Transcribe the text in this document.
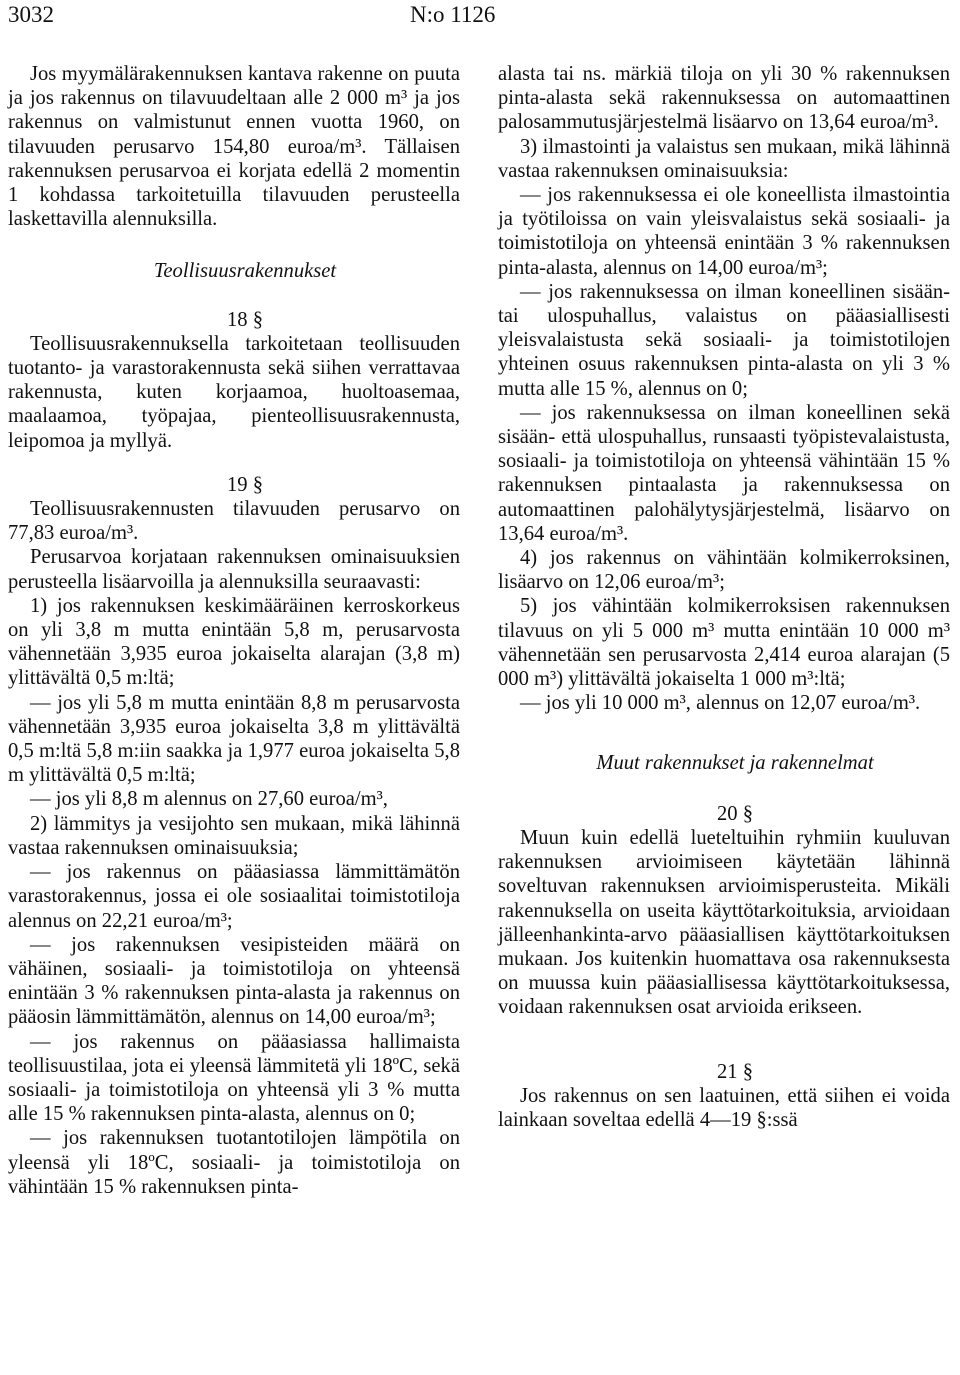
3032	N:o 1126

Jos myymälärakennuksen kantava rakenne on puuta ja jos rakennus on tilavuudeltaan alle 2 000 m³ ja jos rakennus on valmistunut ennen vuotta 1960, on tilavuuden perusarvo 154,80 euroa/m³. Tällaisen rakennuksen perusarvoa ei korjata edellä 2 momentin 1 kohdassa tarkoitetuilla tilavuuden perusteella laskettavilla alennuksilla.

Teollisuusrakennukset

18 §

Teollisuusrakennuksella tarkoitetaan teollisuuden tuotanto- ja varastorakennusta sekä siihen verrattavaa rakennusta, kuten korjaamoa, huoltoasemaa, maalaamoa, työpajaa, pienteollisuusrakennusta, leipomoa ja myllyä.

19 §

Teollisuusrakennusten tilavuuden perusarvo on 77,83 euroa/m³.

Perusarvoa korjataan rakennuksen ominaisuuksien perusteella lisäarvoilla ja alennuksilla seuraavasti:

1) jos rakennuksen keskimääräinen kerroskorkeus on yli 3,8 m mutta enintään 5,8 m, perusarvosta vähennetään 3,935 euroa jokaiselta alarajan (3,8 m) ylittävältä 0,5 m:ltä;

— jos yli 5,8 m mutta enintään 8,8 m perusarvosta vähennetään 3,935 euroa jokaiselta 3,8 m ylittävältä 0,5 m:ltä 5,8 m:iin saakka ja 1,977 euroa jokaiselta 5,8 m ylittävältä 0,5 m:ltä;

— jos yli 8,8 m alennus on 27,60 euroa/m³,

2) lämmitys ja vesijohto sen mukaan, mikä lähinnä vastaa rakennuksen ominaisuuksia;

— jos rakennus on pääasiassa lämmittämätön varastorakennus, jossa ei ole sosiaalitai toimistotiloja alennus on 22,21 euroa/m³;

— jos rakennuksen vesipisteiden määrä on vähäinen, sosiaali- ja toimistotiloja on yhteensä enintään 3 % rakennuksen pinta-alasta ja rakennus on pääosin lämmittämätön, alennus on 14,00 euroa/m³;

— jos rakennus on pääasiassa hallimaista teollisuustilaa, jota ei yleensä lämmitetä yli 18ºC, sekä sosiaali- ja toimistotiloja on yhteensä yli 3 % mutta alle 15 % rakennuksen pinta-alasta, alennus on 0;

— jos rakennuksen tuotantotilojen lämpötila on yleensä yli 18ºC, sosiaali- ja toimistotiloja on vähintään 15 % rakennuksen pinta-

alasta tai ns. märkiä tiloja on yli 30 % rakennuksen pinta-alasta sekä rakennuksessa on automaattinen palosammutusjärjestelmä lisäarvo on 13,64 euroa/m³.

3) ilmastointi ja valaistus sen mukaan, mikä lähinnä vastaa rakennuksen ominaisuuksia:

— jos rakennuksessa ei ole koneellista ilmastointia ja työtiloissa on vain yleisvalaistus sekä sosiaali- ja toimistotiloja on yhteensä enintään 3 % rakennuksen pinta-alasta, alennus on 14,00 euroa/m³;

— jos rakennuksessa on ilman koneellinen sisään- tai ulospuhallus, valaistus on pääasiallisesti yleisvalaistusta sekä sosiaali- ja toimistotilojen yhteinen osuus rakennuksen pinta-alasta on yli 3 % mutta alle 15 %, alennus on 0;

— jos rakennuksessa on ilman koneellinen sekä sisään- että ulospuhallus, runsaasti työpistevalaistusta, sosiaali- ja toimistotiloja on yhteensä vähintään 15 % rakennuksen pintaalasta ja rakennuksessa on automaattinen palohälytysjärjestelmä, lisäarvo on 13,64 euroa/m³.

4) jos rakennus on vähintään kolmikerroksinen, lisäarvo on 12,06 euroa/m³;

5) jos vähintään kolmikerroksisen rakennuksen tilavuus on yli 5 000 m³ mutta enintään 10 000 m³ vähennetään sen perusarvosta 2,414 euroa alarajan (5 000 m³) ylittävältä jokaiselta 1 000 m³:ltä;

— jos yli 10 000 m³, alennus on 12,07 euroa/m³.

Muut rakennukset ja rakennelmat

20 §

Muun kuin edellä lueteltuihin ryhmiin kuuluvan rakennuksen arvioimiseen käytetään lähinnä soveltuvan rakennuksen arvioimisperusteita. Mikäli rakennuksella on useita käyttötarkoituksia, arvioidaan jälleenhankinta-arvo pääasiallisen käyttötarkoituksen mukaan. Jos kuitenkin huomattava osa rakennuksesta on muussa kuin pääasiallisessa käyttötarkoituksessa, voidaan rakennuksen osat arvioida erikseen.

21 §

Jos rakennus on sen laatuinen, että siihen ei voida lainkaan soveltaa edellä 4—19 §:ssä
